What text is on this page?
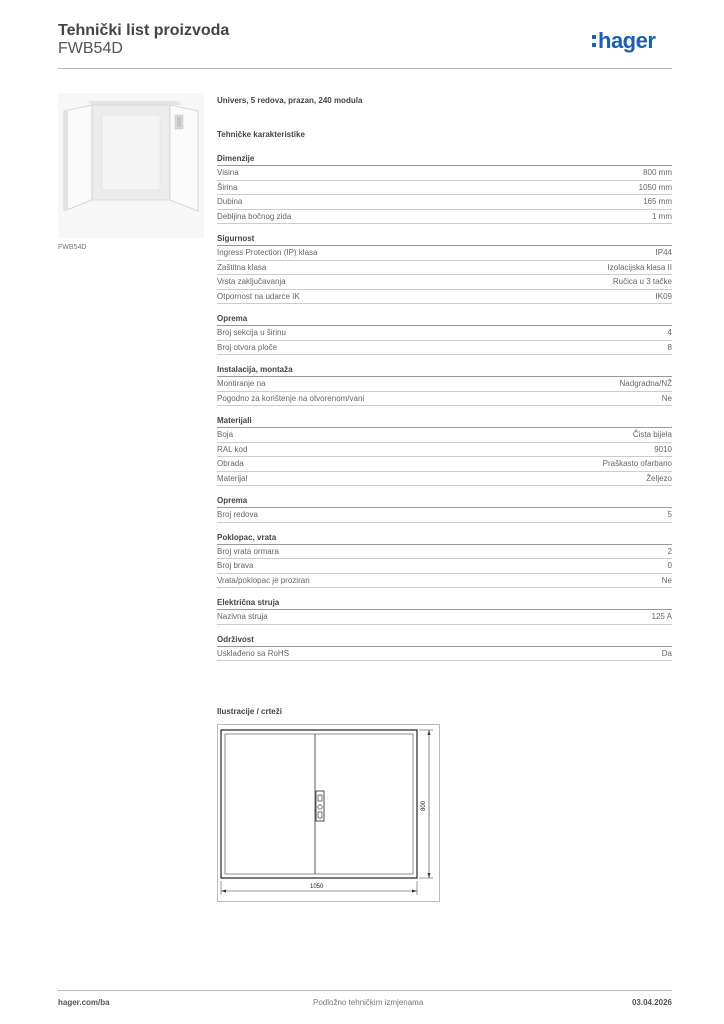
Tehnički list proizvoda
FWB54D	hager
FWB54D
Univers, 5 redova, prazan, 240 modula
Tehničke karakteristike
Dimenzije
Visina	800 mm
Širina	1050 mm
Dubina	165 mm
Debljina bočnog zida	1 mm
Sigurnost
Ingress Protection (IP) klasa	IP44
Zaštitna klasa	Izolacijska klasa II
Vrsta zaključavanja	Ručica u 3 tačke
Otpornost na udarce IK	IK09
Oprema
Broj sekcija u širinu	4
Broj otvora ploče	8
Instalacija, montaža
Montiranje na	Nadgradna/NŽ
Pogodno za korištenje na otvorenom/vani	Ne
Materijali
Boja	Čista bijela
RAL kod	9010
Obrada	Praškasto ofarbano
Materijal	Željezo
Oprema
Broj redova	5
Poklopac, vrata
Broj vrata ormara	2
Broj brava	0
Vrata/poklopac je proziran	Ne
Električna struja
Nazivna struja	125 A
Održivost
Usklađeno sa RoHS	Da
Ilustracije / crteži
800
1050
hager.com/ba	Podložno tehničkim izmjenama	03.04.2026
